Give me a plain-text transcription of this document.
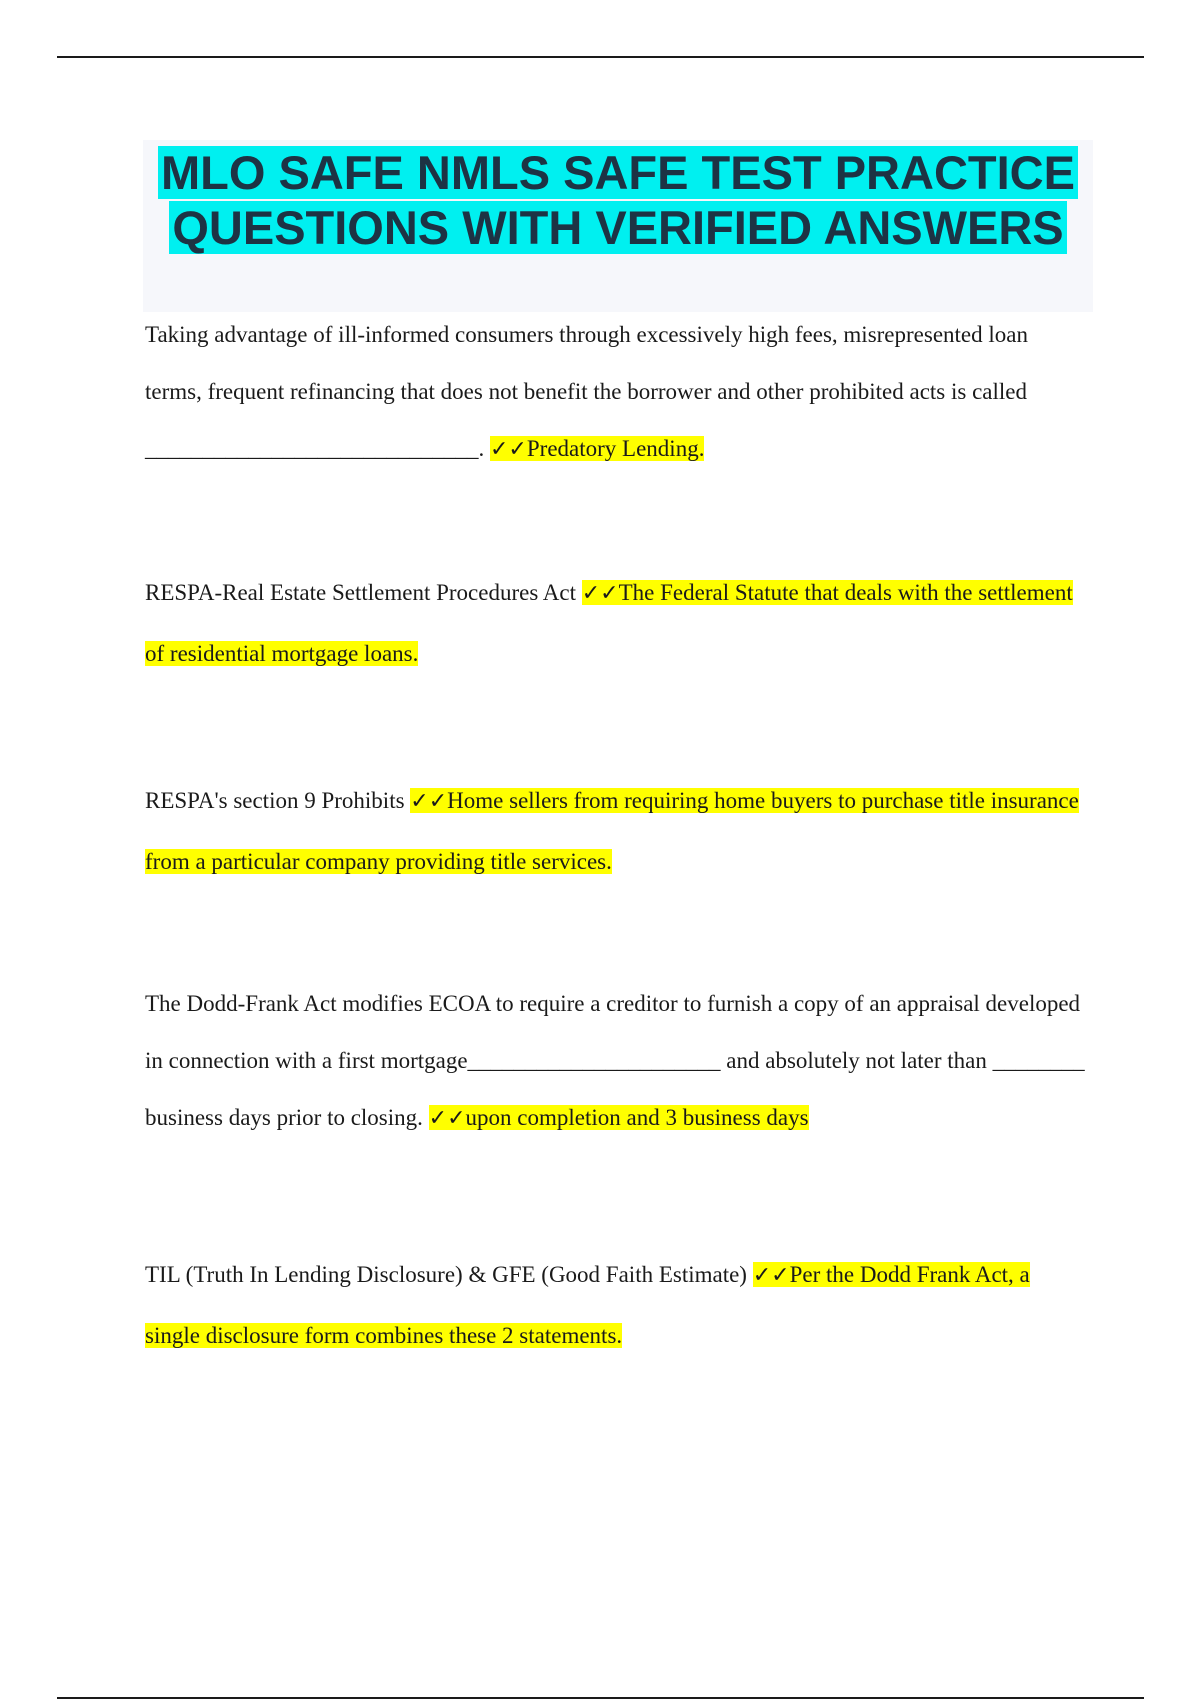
MLO SAFE NMLS SAFE TEST PRACTICE
QUESTIONS WITH VERIFIED ANSWERS

Taking advantage of ill-informed consumers through excessively high fees, misrepresented loan terms, frequent refinancing that does not benefit the borrower and other prohibited acts is called _____________________________. ✓✓Predatory Lending.

RESPA-Real Estate Settlement Procedures Act ✓✓The Federal Statute that deals with the settlement of residential mortgage loans.

RESPA's section 9 Prohibits ✓✓Home sellers from requiring home buyers to purchase title insurance from a particular company providing title services.

The Dodd-Frank Act modifies ECOA to require a creditor to furnish a copy of an appraisal developed in connection with a first mortgage______________________ and absolutely not later than ________ business days prior to closing. ✓✓upon completion and 3 business days

TIL (Truth In Lending Disclosure) & GFE (Good Faith Estimate) ✓✓Per the Dodd Frank Act, a single disclosure form combines these 2 statements.
